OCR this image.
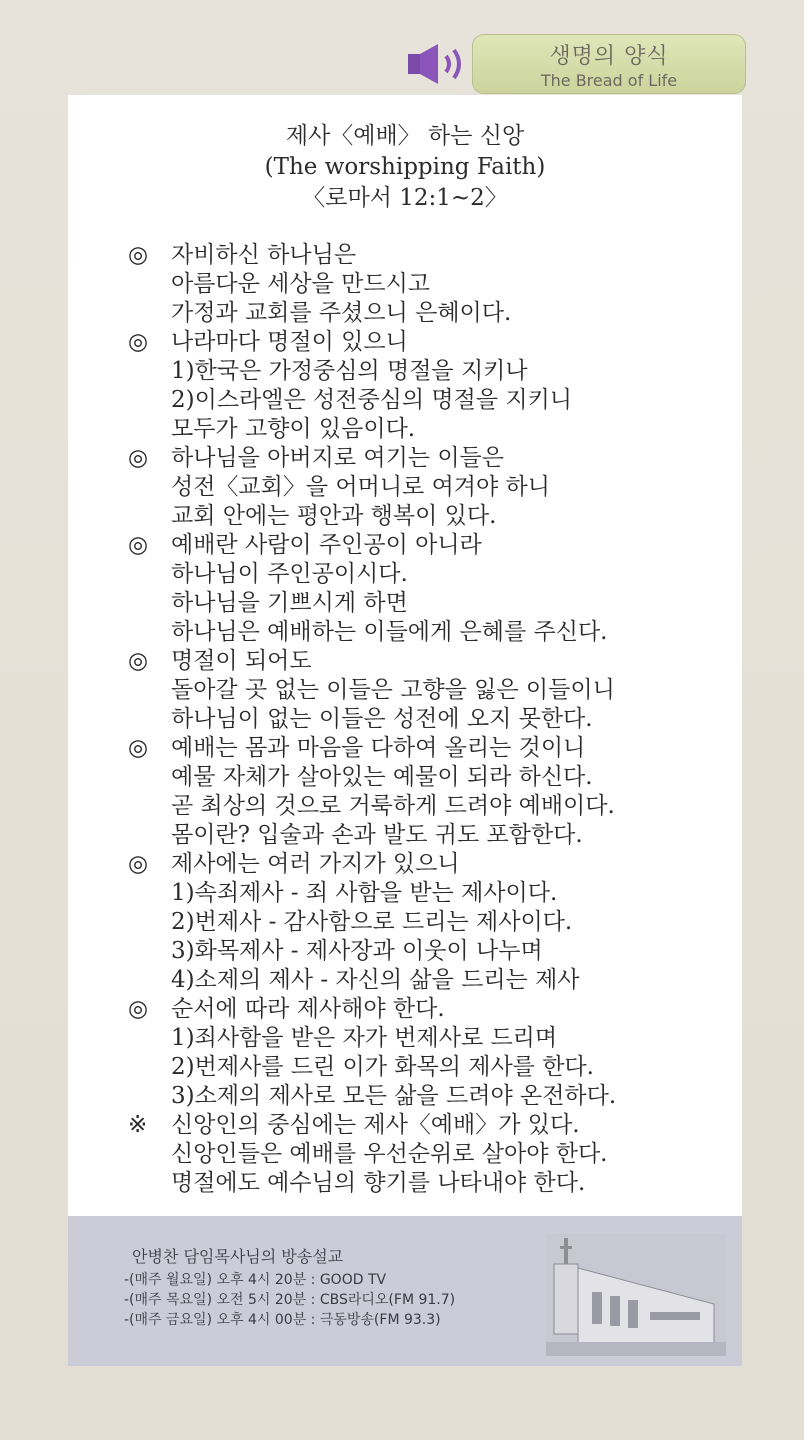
생명의 양식
The Bread of Life
제사〈예배〉 하는 신앙
(The worshipping Faith)
〈로마서 12:1~2〉
◎ 자비하신 하나님은
아름다운 세상을 만드시고
가정과 교회를 주셨으니 은혜이다.
◎ 나라마다 명절이 있으니
1)한국은 가정중심의 명절을 지키나
2)이스라엘은 성전중심의 명절을 지키니
모두가 고향이 있음이다.
◎ 하나님을 아버지로 여기는 이들은
성전〈교회〉을 어머니로 여겨야 하니
교회 안에는 평안과 행복이 있다.
◎ 예배란 사람이 주인공이 아니라
하나님이 주인공이시다.
하나님을 기쁘시게 하면
하나님은 예배하는 이들에게 은혜를 주신다.
◎ 명절이 되어도
돌아갈 곳 없는 이들은 고향을 잃은 이들이니
하나님이 없는 이들은 성전에 오지 못한다.
◎ 예배는 몸과 마음을 다하여 올리는 것이니
예물 자체가 살아있는 예물이 되라 하신다.
곧 최상의 것으로 거룩하게 드려야 예배이다.
몸이란? 입술과 손과 발도 귀도 포함한다.
◎ 제사에는 여러 가지가 있으니
1)속죄제사 - 죄 사함을 받는 제사이다.
2)번제사 - 감사함으로 드리는 제사이다.
3)화목제사 - 제사장과 이웃이 나누며
4)소제의 제사 - 자신의 삶을 드리는 제사
◎ 순서에 따라 제사해야 한다.
1)죄사함을 받은 자가 번제사로 드리며
2)번제사를 드린 이가 화목의 제사를 한다.
3)소제의 제사로 모든 삶을 드려야 온전하다.
※ 신앙인의 중심에는 제사〈예배〉가 있다.
신앙인들은 예배를 우선순위로 살아야 한다.
명절에도 예수님의 향기를 나타내야 한다.
안병찬 담임목사님의 방송설교
-(매주 월요일) 오후 4시 20분 : GOOD TV
-(매주 목요일) 오전 5시 20분 : CBS라디오(FM 91.7)
-(매주 금요일) 오후 4시 00분 : 극동방송(FM 93.3)
